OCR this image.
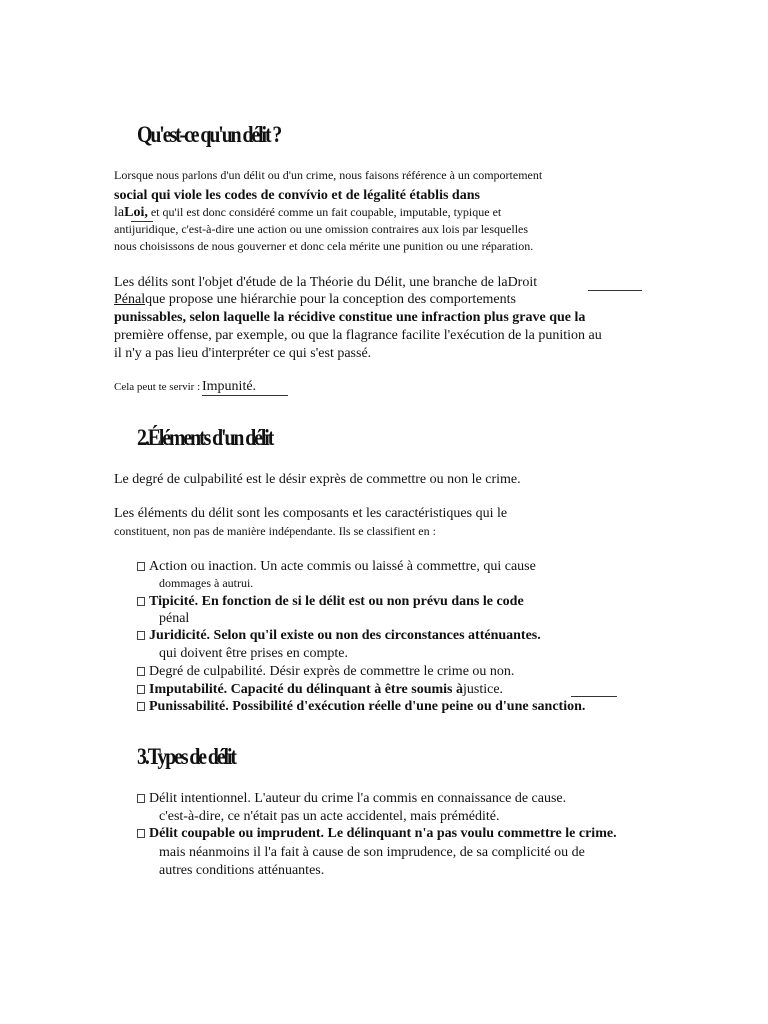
Qu'est-ce qu'un délit ?
Lorsque nous parlons d'un délit ou d'un crime, nous faisons référence à un comportement
social qui viole les codes de convívio et de légalité établis dans
laLoi, et qu'il est donc considéré comme un fait coupable, imputable, typique et
antijuridique, c'est-à-dire une action ou une omission contraires aux lois par lesquelles
nous choisissons de nous gouverner et donc cela mérite une punition ou une réparation.
Les délits sont l'objet d'étude de la Théorie du Délit, une branche de laDroit
Pénalque propose une hiérarchie pour la conception des comportements
punissables, selon laquelle la récidive constitue une infraction plus grave que la
première offense, par exemple, ou que la flagrance facilite l'exécution de la punition au
il n'y a pas lieu d'interpréter ce qui s'est passé.
Cela peut te servir : Impunité.
2.Éléments d'un délit
Le degré de culpabilité est le désir exprès de commettre ou non le crime.
Les éléments du délit sont les composants et les caractéristiques qui le
constituent, non pas de manière indépendante. Ils se classifient en :
Action ou inaction. Un acte commis ou laissé à commettre, qui cause
dommages à autrui.
Tipicité. En fonction de si le délit est ou non prévu dans le code
pénal
Juridicité. Selon qu'il existe ou non des circonstances atténuantes.
qui doivent être prises en compte.
Degré de culpabilité. Désir exprès de commettre le crime ou non.
Imputabilité. Capacité du délinquant à être soumis àjustice.
Punissabilité. Possibilité d'exécution réelle d'une peine ou d'une sanction.
3.Types de délit
Délit intentionnel. L'auteur du crime l'a commis en connaissance de cause.
c'est-à-dire, ce n'était pas un acte accidentel, mais prémédité.
Délit coupable ou imprudent. Le délinquant n'a pas voulu commettre le crime.
mais néanmoins il l'a fait à cause de son imprudence, de sa complicité ou de
autres conditions atténuantes.
